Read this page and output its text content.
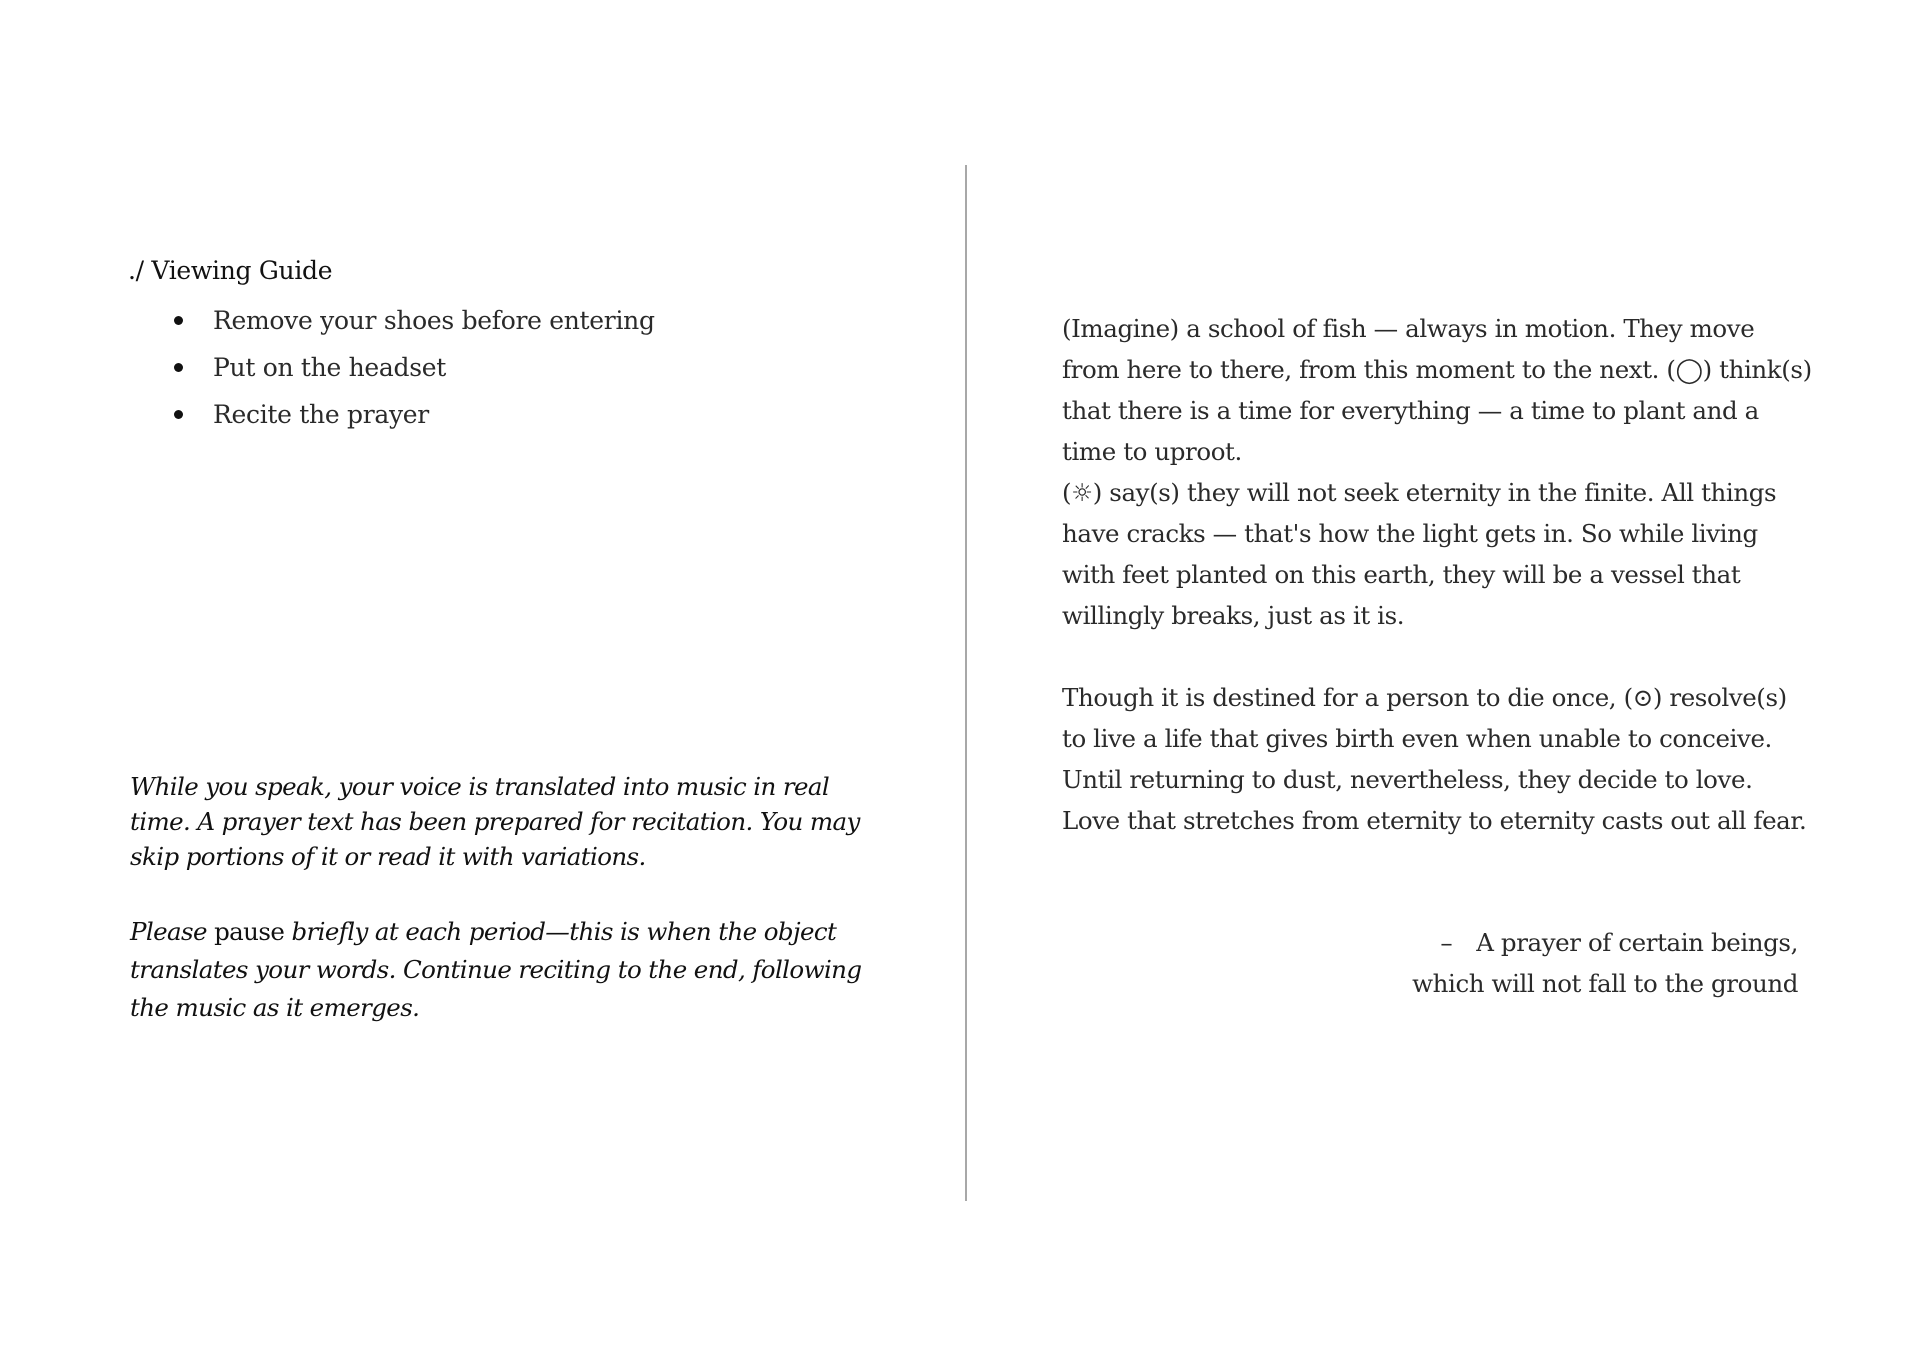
./ Viewing Guide
Remove your shoes before entering
Put on the headset
Recite the prayer

While you speak, your voice is translated into music in real time. A prayer text has been prepared for recitation. You may skip portions of it or read it with variations.

Please pause briefly at each period—this is when the object translates your words. Continue reciting to the end, following the music as it emerges.

(Imagine) a school of fish — always in motion. They move from here to there, from this moment to the next. (◯) think(s) that there is a time for everything — a time to plant and a time to uproot.

(☼) say(s) they will not seek eternity in the finite. All things have cracks — that's how the light gets in. So while living with feet planted on this earth, they will be a vessel that willingly breaks, just as it is.

Though it is destined for a person to die once, (⊙) resolve(s) to live a life that gives birth even when unable to conceive. Until returning to dust, nevertheless, they decide to love. Love that stretches from eternity to eternity casts out all fear.

– A prayer of certain beings,
which will not fall to the ground
